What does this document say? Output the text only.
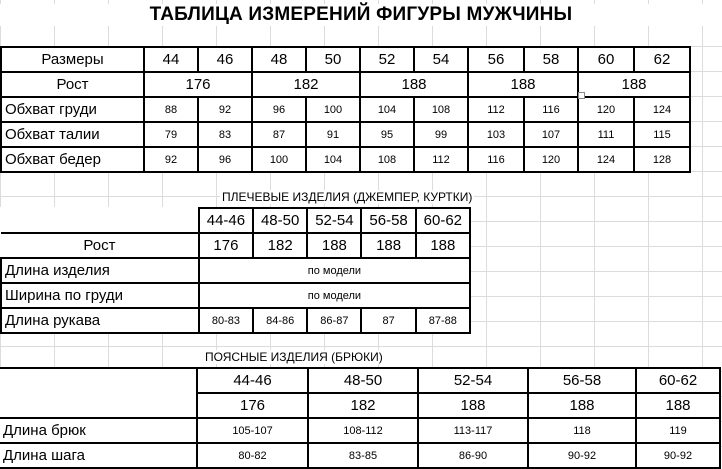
ТАБЛИЦА ИЗМЕРЕНИЙ ФИГУРЫ МУЖЧИНЫ
Размеры	44	46	48	50	52	54	56	58	60	62
Рост	176		182		188		188		188	
Обхват груди	88	92	96	100	104	108	112	116	120	124
Обхват талии	79	83	87	91	95	99	103	107	111	115
Обхват бедер	92	96	100	104	108	112	116	120	124	128
ПЛЕЧЕВЫЕ ИЗДЕЛИЯ (ДЖЕМПЕР, КУРТКИ)
	44-46	48-50	52-54	56-58	60-62
Рост	176	182	188	188	188
Длина изделия	по модели				
Ширина по груди	по модели				
Длина рукава	80-83	84-86	86-87	87	87-88
ПОЯСНЫЕ ИЗДЕЛИЯ (БРЮКИ)
	44-46	48-50	52-54	56-58	60-62
	176	182	188	188	188
Длина брюк	105-107	108-112	113-117	118	119
Длина шага	80-82	83-85	86-90	90-92	90-92
